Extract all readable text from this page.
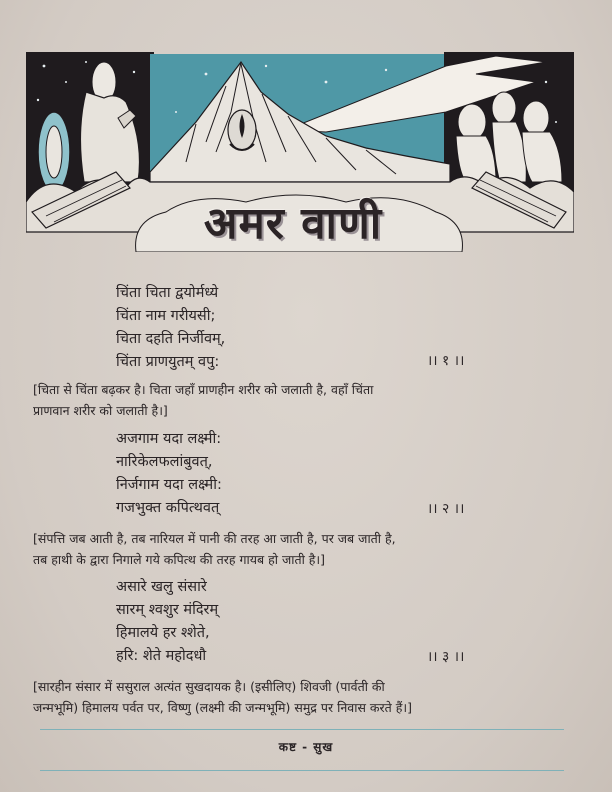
अमर वाणी
चिंता चिता द्वयोर्मध्ये
चिंता नाम गरीयसी;
चिता दहति निर्जीवम्‌,
चिंता प्राणयुतम्‌ वपु:	।। १ ।।
[चिता से चिंता बढ़कर है। चिता जहाँ प्राणहीन शरीर को जलाती है, वहाँ चिंता
प्राणवान शरीर को जलाती है।]
अजगाम यदा लक्ष्मी:
नारिकेलफलांबुवत्‌,
निर्जगाम यदा लक्ष्मी:
गजभुक्त कपित्थवत्‌	।। २ ।।
[संपत्ति जब आती है, तब नारियल में पानी की तरह आ जाती है, पर जब जाती है,
तब हाथी के द्वारा निगाले गये कपित्थ की तरह गायब हो जाती है।]
असारे खलु संसारे
सारम्‌ श्वशुर मंदिरम्‌
हिमालये हर श्शेते,
हरि: शेते महोदधौ	।। ३ ।।
[सारहीन संसार में ससुराल अत्यंत सुखदायक है। (इसीलिए) शिवजी (पार्वती की
जन्मभूमि) हिमालय पर्वत पर, विष्णु (लक्ष्मी की जन्मभूमि) समुद्र पर निवास करते हैं।]
कष्ट - सुख
